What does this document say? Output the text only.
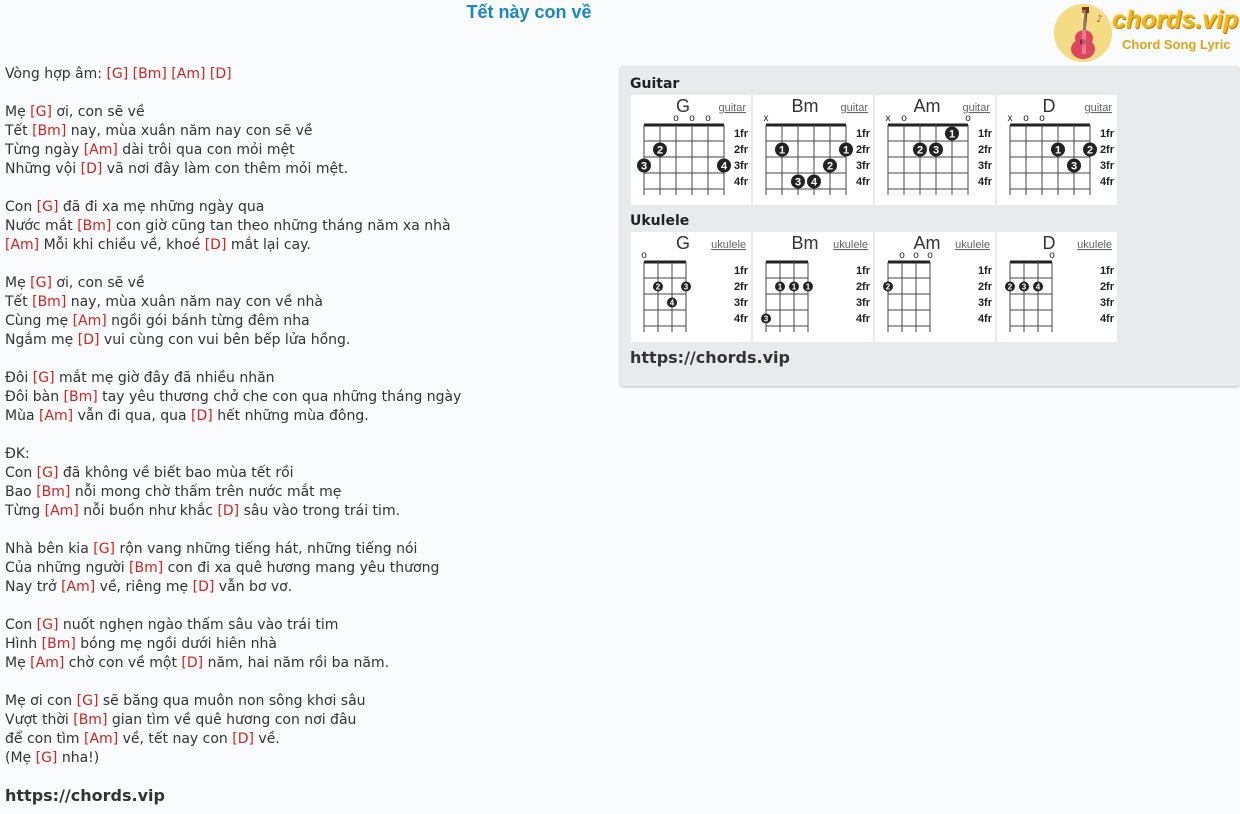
Tết này con về	♪ chords.vip
Chord Song Lyric
Vòng hợp âm: [G] [Bm] [Am] [D]

Mẹ [G] ơi, con sẽ về
Tết [Bm] nay, mùa xuân năm nay con sẽ về
Từng ngày [Am] dài trôi qua con mỏi mệt
Những vội [D] vã nơi đây làm con thêm mỏi mệt.

Con [G] đã đi xa mẹ những ngày qua
Nước mắt [Bm] con giờ cũng tan theo những tháng năm xa nhà
[Am] Mỗi khi chiều về, khoé [D] mắt lại cay.

Mẹ [G] ơi, con sẽ về
Tết [Bm] nay, mùa xuân năm nay con về nhà
Cùng mẹ [Am] ngồi gói bánh từng đêm nha
Ngắm mẹ [D] vui cùng con vui bên bếp lửa hồng.

Đôi [G] mắt mẹ giờ đây đã nhiều nhăn
Đôi bàn [Bm] tay yêu thương chở che con qua những tháng ngày
Mùa [Am] vẫn đi qua, qua [D] hết những mùa đông.

ĐK:
Con [G] đã không về biết bao mùa tết rồi
Bao [Bm] nỗi mong chờ thấm trên nước mắt mẹ
Từng [Am] nỗi buồn như khắc [D] sâu vào trong trái tim.

Nhà bên kia [G] rộn vang những tiếng hát, những tiếng nói
Của những người [Bm] con đi xa quê hương mang yêu thương
Nay trở [Am] về, riêng mẹ [D] vẫn bơ vơ.

Con [G] nuốt nghẹn ngào thấm sâu vào trái tim
Hình [Bm] bóng mẹ ngồi dưới hiên nhà
Mẹ [Am] chờ con về một [D] năm, hai năm rồi ba năm.

Mẹ ơi con [G] sẽ băng qua muôn non sông khơi sâu
Vượt thời [Bm] gian tìm về quê hương con nơi đâu
để con tìm [Am] về, tết nay con [D] về.
(Mẹ [G] nha!)
https://chords.vip
Guitar
Ukulele
https://chords.vip
G	guitar
1fr
2fr
3fr
4fr
o o o
3
2
4
Bm guitar
1fr
2fr
3fr
4fr
x
1
3 4
2
1
Am guitar
1fr
2fr
3fr
4fr
x o	o
2 3
1
D	guitar
1fr
2fr
3fr
4fr
x o o
1
3
2
G ukulele
1fr
2fr
3fr
4fr
o
2
4
3
Bm ukulele
1fr
2fr
3fr
4fr
3
1 1 1
Am ukulele
1fr
2fr
3fr
4fr
o o o
2
D ukulele
1fr
2fr
3fr
4fr
o
2 3 4
